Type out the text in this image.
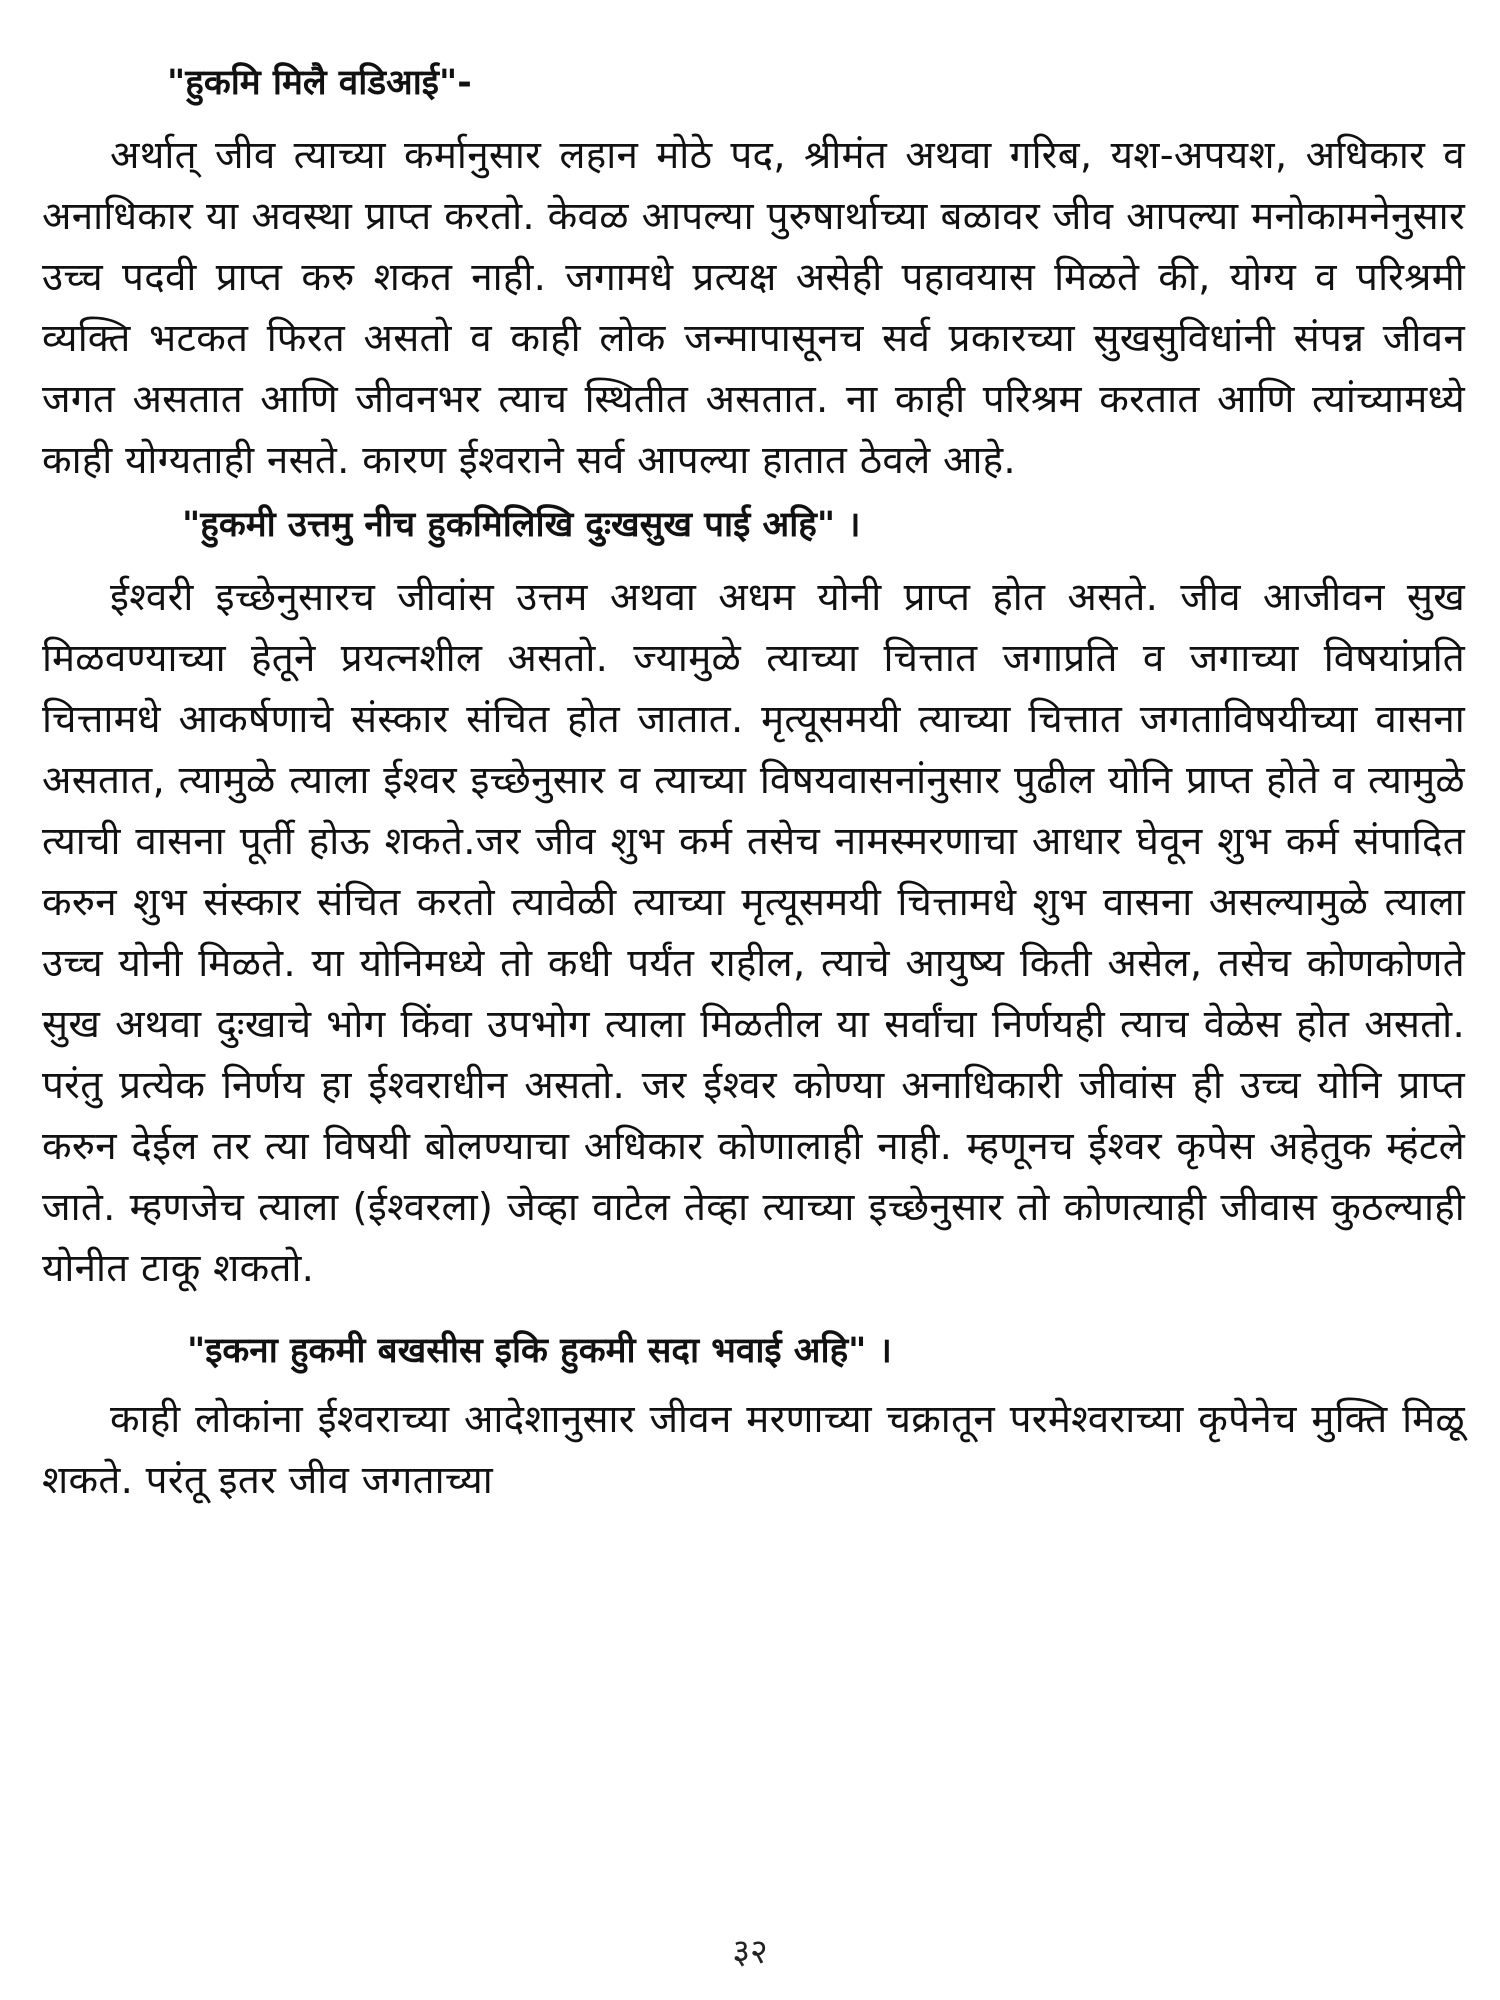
"हुकमि मिलै वडिआई"-

अर्थात् जीव त्याच्या कर्मानुसार लहान मोठे पद, श्रीमंत अथवा गरिब, यश-अपयश, अधिकार व अनाधिकार या अवस्था प्राप्त करतो. केवळ आपल्या पुरुषार्थाच्या बळावर जीव आपल्या मनोकामनेनुसार उच्च पदवी प्राप्त करु शकत नाही. जगामधे प्रत्यक्ष असेही पहावयास मिळते की, योग्य व परिश्रमी व्यक्ति भटकत फिरत असतो व काही लोक जन्मापासूनच सर्व प्रकारच्या सुखसुविधांनी संपन्न जीवन जगत असतात आणि जीवनभर त्याच स्थितीत असतात. ना काही परिश्रम करतात आणि त्यांच्यामध्ये काही योग्यताही नसते. कारण ईश्वराने सर्व आपल्या हातात ठेवले आहे.

"हुकमी उत्तमु नीच हुकमिलिखि दुःखसुख पाई अहि" ।

ईश्वरी इच्छेनुसारच जीवांस उत्तम अथवा अधम योनी प्राप्त होत असते. जीव आजीवन सुख मिळवण्याच्या हेतूने प्रयत्नशील असतो. ज्यामुळे त्याच्या चित्तात जगाप्रति व जगाच्या विषयांप्रति चित्तामधे आकर्षणाचे संस्कार संचित होत जातात. मृत्यूसमयी त्याच्या चित्तात जगताविषयीच्या वासना असतात, त्यामुळे त्याला ईश्वर इच्छेनुसार व त्याच्या विषयवासनांनुसार पुढील योनि प्राप्त होते व त्यामुळे त्याची वासना पूर्ती होऊ शकते.जर जीव शुभ कर्म तसेच नामस्मरणाचा आधार घेवून शुभ कर्म संपादित करुन शुभ संस्कार संचित करतो त्यावेळी त्याच्या मृत्यूसमयी चित्तामधे शुभ वासना असल्यामुळे त्याला उच्च योनी मिळते. या योनिमध्ये तो कधी पर्यंत राहील, त्याचे आयुष्य किती असेल, तसेच कोणकोणते सुख अथवा दुःखाचे भोग किंवा उपभोग त्याला मिळतील या सर्वांचा निर्णयही त्याच वेळेस होत असतो. परंतु प्रत्येक निर्णय हा ईश्वराधीन असतो. जर ईश्वर कोण्या अनाधिकारी जीवांस ही उच्च योनि प्राप्त करुन देईल तर त्या विषयी बोलण्याचा अधिकार कोणालाही नाही. म्हणूनच ईश्वर कृपेस अहेतुक म्हंटले जाते. म्हणजेच त्याला (ईश्वरला) जेव्हा वाटेल तेव्हा त्याच्या इच्छेनुसार तो कोणत्याही जीवास कुठल्याही योनीत टाकू शकतो.

"इकना हुकमी बखसीस इकि हुकमी सदा भवाई अहि" ।

काही लोकांना ईश्वराच्या आदेशानुसार जीवन मरणाच्या चक्रातून परमेश्वराच्या कृपेनेच मुक्ति मिळू शकते. परंतू इतर जीव जगताच्या

३२
